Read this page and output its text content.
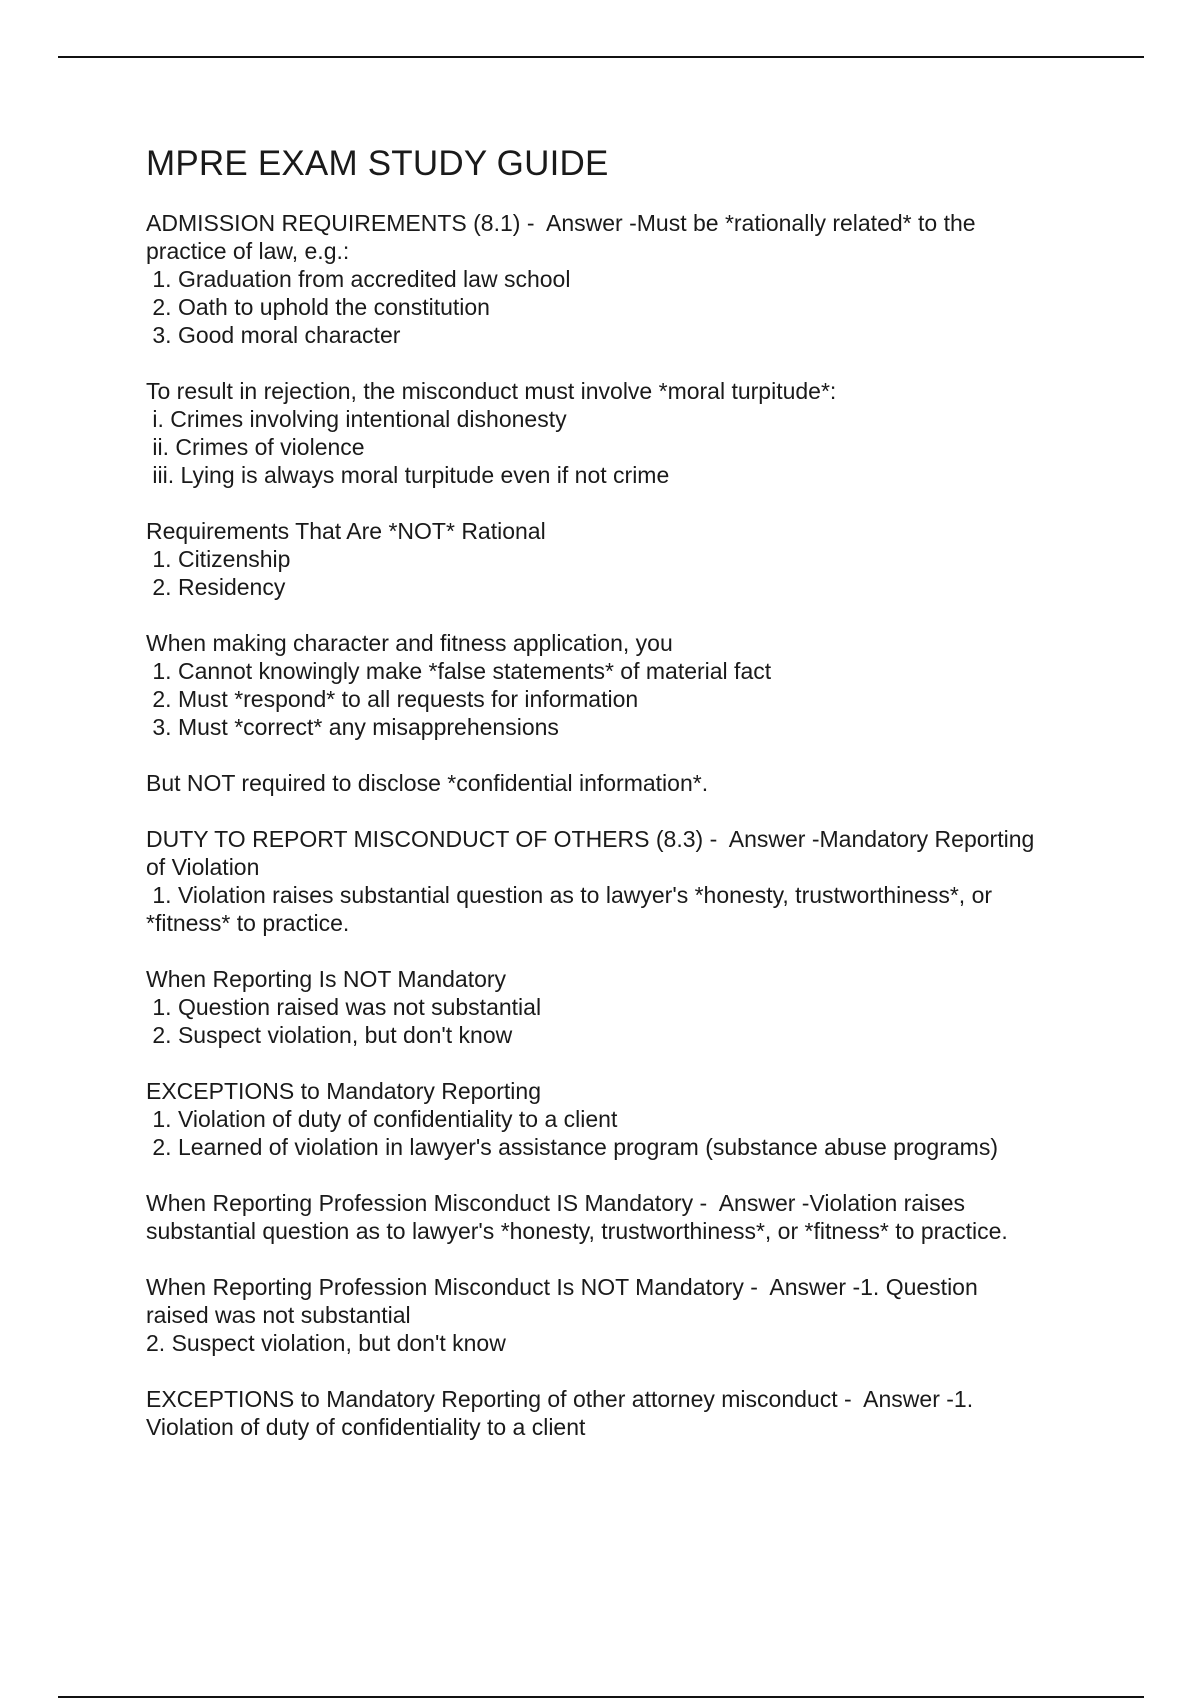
MPRE EXAM STUDY GUIDE
ADMISSION REQUIREMENTS (8.1) -  Answer -Must be *rationally related* to the
practice of law, e.g.:
1. Graduation from accredited law school
2. Oath to uphold the constitution
3. Good moral character
To result in rejection, the misconduct must involve *moral turpitude*:
i. Crimes involving intentional dishonesty
ii. Crimes of violence
iii. Lying is always moral turpitude even if not crime
Requirements That Are *NOT* Rational
1. Citizenship
2. Residency
When making character and fitness application, you
1. Cannot knowingly make *false statements* of material fact
2. Must *respond* to all requests for information
3. Must *correct* any misapprehensions
But NOT required to disclose *confidential information*.
DUTY TO REPORT MISCONDUCT OF OTHERS (8.3) -  Answer -Mandatory Reporting
of Violation
1. Violation raises substantial question as to lawyer's *honesty, trustworthiness*, or
*fitness* to practice.
When Reporting Is NOT Mandatory
1. Question raised was not substantial
2. Suspect violation, but don't know
EXCEPTIONS to Mandatory Reporting
1. Violation of duty of confidentiality to a client
2. Learned of violation in lawyer's assistance program (substance abuse programs)
When Reporting Profession Misconduct IS Mandatory -  Answer -Violation raises
substantial question as to lawyer's *honesty, trustworthiness*, or *fitness* to practice.
When Reporting Profession Misconduct Is NOT Mandatory -  Answer -1. Question
raised was not substantial
2. Suspect violation, but don't know
EXCEPTIONS to Mandatory Reporting of other attorney misconduct -  Answer -1.
Violation of duty of confidentiality to a client
